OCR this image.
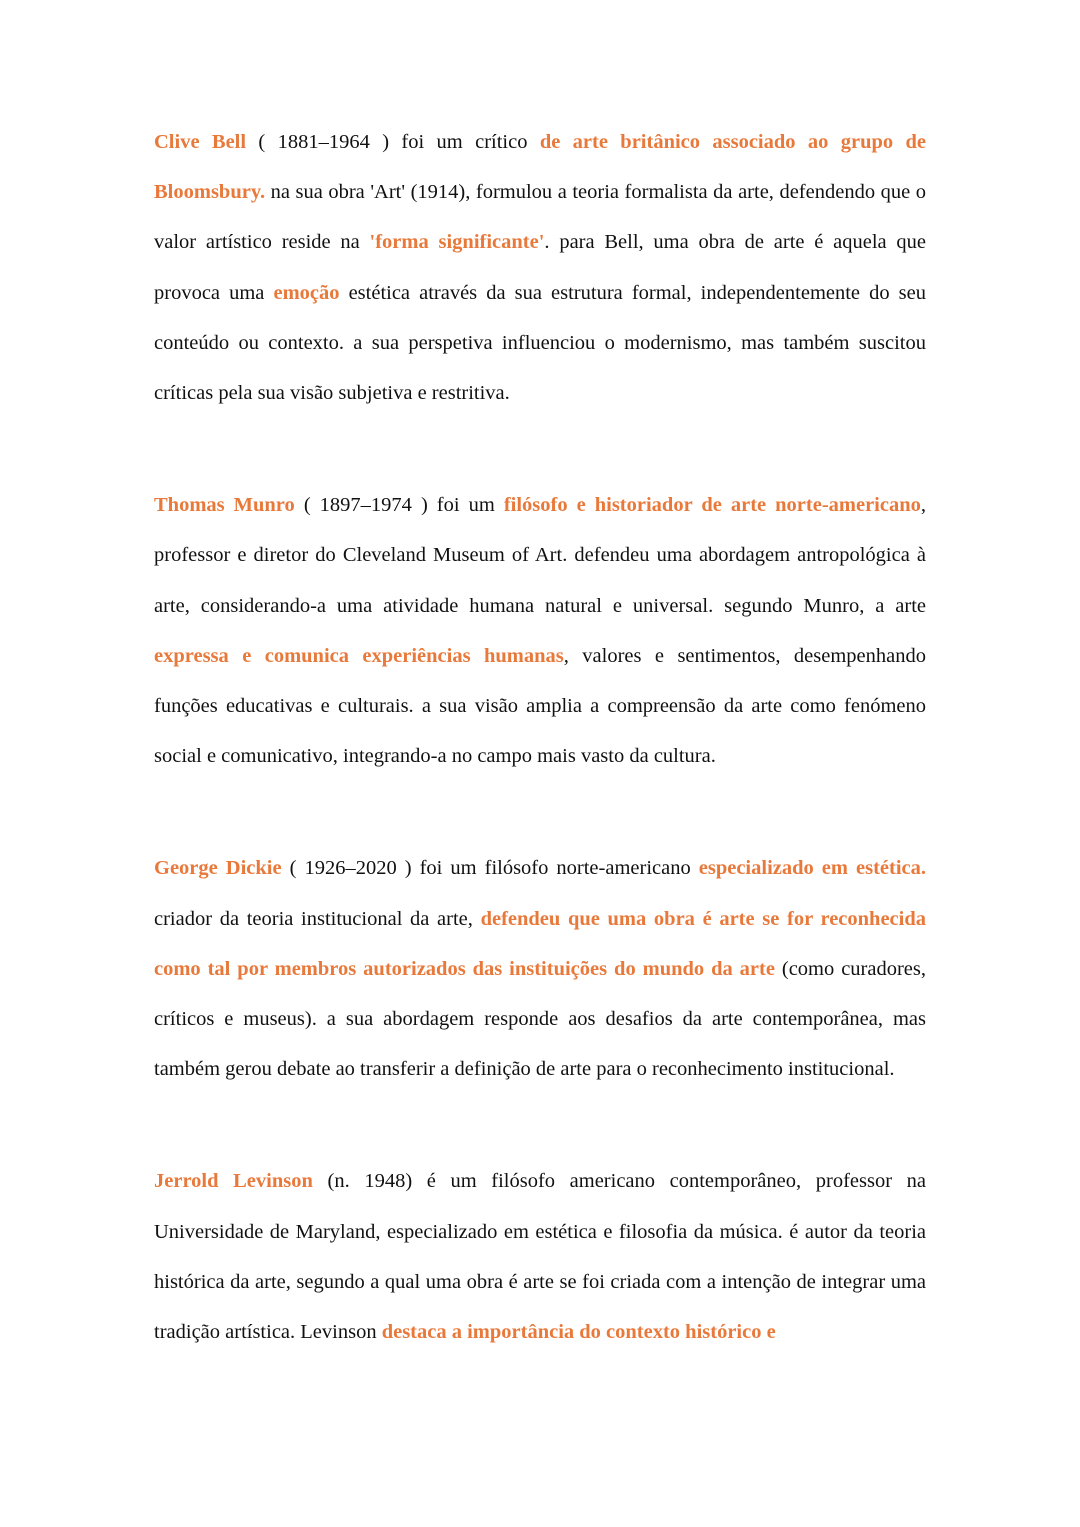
Clive Bell ( 1881–1964 ) foi um crítico de arte britânico associado ao grupo de Bloomsbury. na sua obra 'Art' (1914), formulou a teoria formalista da arte, defendendo que o valor artístico reside na 'forma significante'. para Bell, uma obra de arte é aquela que provoca uma emoção estética através da sua estrutura formal, independentemente do seu conteúdo ou contexto. a sua perspetiva influenciou o modernismo, mas também suscitou críticas pela sua visão subjetiva e restritiva.

Thomas Munro ( 1897–1974 ) foi um filósofo e historiador de arte norte-americano, professor e diretor do Cleveland Museum of Art. defendeu uma abordagem antropológica à arte, considerando-a uma atividade humana natural e universal. segundo Munro, a arte expressa e comunica experiências humanas, valores e sentimentos, desempenhando funções educativas e culturais. a sua visão amplia a compreensão da arte como fenómeno social e comunicativo, integrando-a no campo mais vasto da cultura.

George Dickie ( 1926–2020 ) foi um filósofo norte-americano especializado em estética. criador da teoria institucional da arte, defendeu que uma obra é arte se for reconhecida como tal por membros autorizados das instituições do mundo da arte (como curadores, críticos e museus). a sua abordagem responde aos desafios da arte contemporânea, mas também gerou debate ao transferir a definição de arte para o reconhecimento institucional.

Jerrold Levinson (n. 1948) é um filósofo americano contemporâneo, professor na Universidade de Maryland, especializado em estética e filosofia da música. é autor da teoria histórica da arte, segundo a qual uma obra é arte se foi criada com a intenção de integrar uma tradição artística. Levinson destaca a importância do contexto histórico e
